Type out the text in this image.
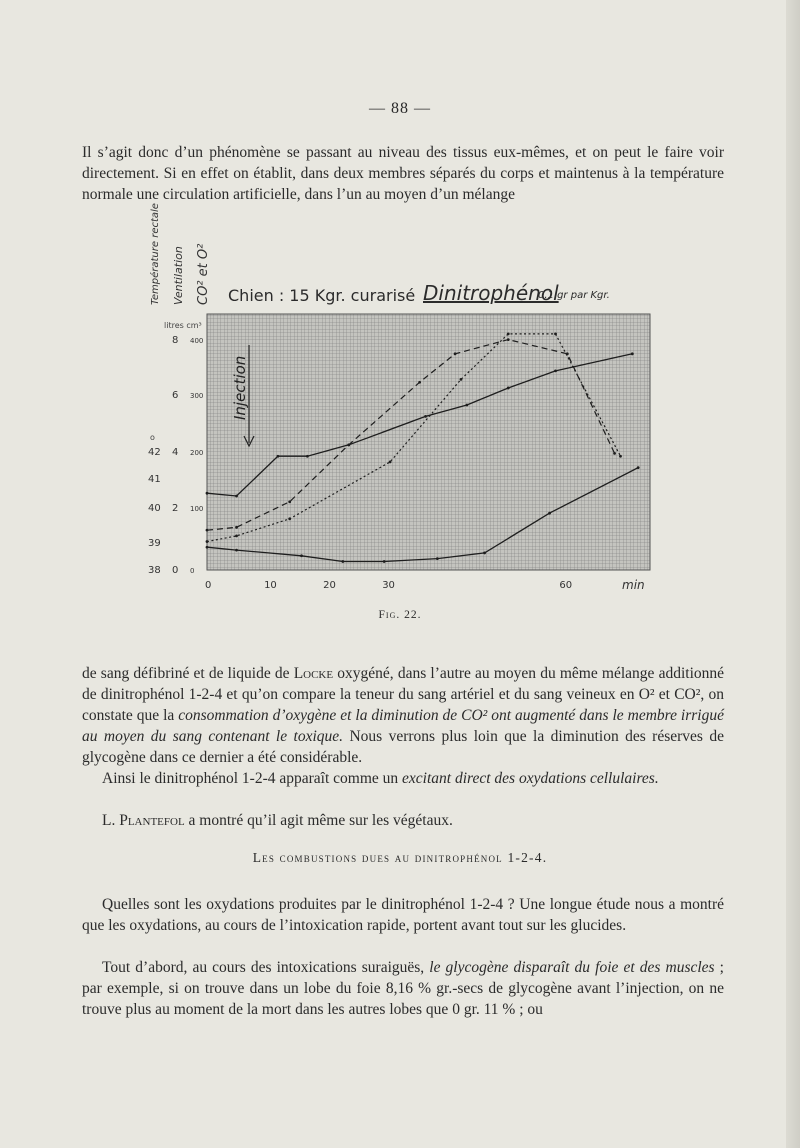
— 88 —

Il s’agit donc d’un phénomène se passant au niveau des tissus eux-mêmes, et on peut le faire voir directement. Si en effet on établit, dans deux membres séparés du corps et maintenus à la température normale une circulation artificielle, dans l’un au moyen d’un mélange

Température rectale Ventilation CO² et O² Chien : 15 Kgr. curarisé Dinitrophénol
0.1 gr par Kgr.
litres cm³
8 400
6 300
42 4 200
41
40 2 100
39
38 0 0
o
Injection
0	10	20	30	60	min
Fig. 22.

de sang défibriné et de liquide de Locke oxygéné, dans l’autre au moyen du même mélange additionné de dinitrophénol 1-2-4 et qu’on compare la teneur du sang artériel et du sang veineux en O² et CO², on constate que la consommation d’oxygène et la diminution de CO² ont augmenté dans le membre irrigué au moyen du sang contenant le toxique. Nous verrons plus loin que la diminution des réserves de glycogène dans ce dernier a été considérable.

Ainsi le dinitrophénol 1-2-4 apparaît comme un excitant direct des oxydations cellulaires.

L. Plantefol a montré qu’il agit même sur les végétaux.

Les combustions dues au dinitrophénol 1-2-4.

Quelles sont les oxydations produites par le dinitrophénol 1-2-4 ? Une longue étude nous a montré que les oxydations, au cours de l’intoxication rapide, portent avant tout sur les glucides.

Tout d’abord, au cours des intoxications suraiguës, le glycogène disparaît du foie et des muscles ; par exemple, si on trouve dans un lobe du foie 8,16 % gr.-secs de glycogène avant l’injection, on ne trouve plus au moment de la mort dans les autres lobes que 0 gr. 11 % ; ou
